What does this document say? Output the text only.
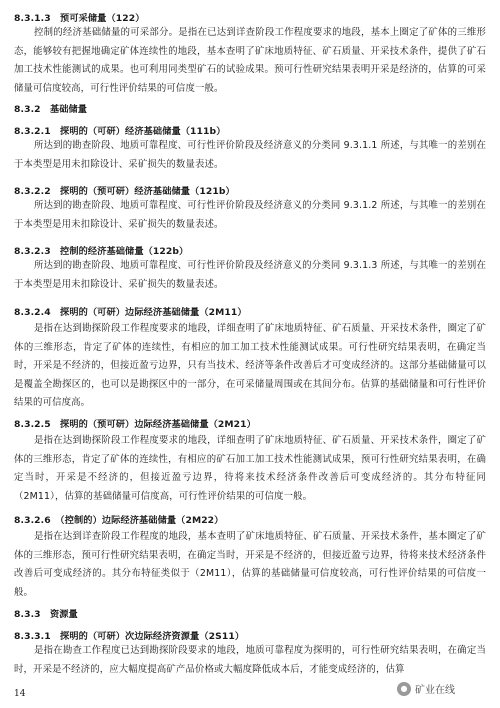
8.3.1.3　预可采储量（122）

控制的经济基础储量的可采部分。是指在已达到详查阶段工作程度要求的地段，基本上圈定了矿体的三维形态，能够较有把握地确定矿体连续性的地段，基本查明了矿床地质特征、矿石质量、开采技术条件，提供了矿石加工技术性能测试的成果。也可利用同类型矿石的试验成果。预可行性研究结果表明开采是经济的，估算的可采储量可信度较高，可行性评价结果的可信度一般。

8.3.2　基础储量
8.3.2.1　探明的（可研）经济基础储量（111b）

所达到的勘查阶段、地质可靠程度、可行性评价阶段及经济意义的分类同 9.3.1.1 所述，与其唯一的差别在于本类型是用未扣除设计、采矿损失的数量表述。

8.3.2.2　探明的（预可研）经济基础储量（121b）

所达到的勘查阶段、地质可靠程度、可行性评价阶段及经济意义的分类同 9.3.1.2 所述，与其唯一的差别在于本类型是用未扣除设计、采矿损失的数量表述。

8.3.2.3　控制的经济基础储量（122b）

所达到的勘查阶段、地质可靠程度、可行性评价阶段及经济意义的分类同 9.3.1.3 所述，与其唯一的差别在于本类型是用未扣除设计、采矿损失的数量表述。

8.3.2.4　探明的（可研）边际经济基础储量（2M11）

是指在达到勘探阶段工作程度要求的地段，详细查明了矿床地质特征、矿石质量、开采技术条件，圈定了矿体的三维形态，肯定了矿体的连续性，有相应的加工加工技术性能测试成果。可行性研究结果表明，在确定当时，开采是不经济的，但接近盈亏边界，只有当技术、经济等条件改善后才可变成经济的。这部分基础储量可以是覆盖全勘探区的，也可以是勘探区中的一部分，在可采储量周围或在其间分布。估算的基础储量和可行性评价结果的可信度高。

8.3.2.5　探明的（预可研）边际经济基础储量（2M21）

是指在达到勘探阶段工作程度要求的地段，详细查明了矿床地质特征、矿石质量、开采技术条件，圈定了矿体的三维形态，肯定了矿体的连续性，有相应的矿石加工加工技术性能测试成果，预可行性研究结果表明，在确定当时，开采是不经济的，但接近盈亏边界，待将来技术经济条件改善后可变成经济的。其分布特征同（2M11），估算的基础储量可信度高，可行性评价结果的可信度一般。

8.3.2.6　（控制的）边际经济基础储量（2M22）

是指在达到详查阶段工作程度的地段，基本查明了矿床地质特征、矿石质量、开采技术条件，基本圈定了矿体的三维形态，预可行性研究结果表明，在确定当时，开采是不经济的，但接近盈亏边界，待将来技术经济条件改善后可变成经济的。其分布特征类似于（2M11），估算的基础储量可信度较高，可行性评价结果的可信度一般。

8.3.3　资源量
8.3.3.1　探明的（可研）次边际经济资源量（2S11）

是指在勘查工作程度已达到勘探阶段要求的地段，地质可靠程度为探明的，可行性研究结果表明，在确定当时，开采是不经济的，应大幅度提高矿产品价格或大幅度降低成本后，才能变成经济的，估算

14
● 矿业在线
